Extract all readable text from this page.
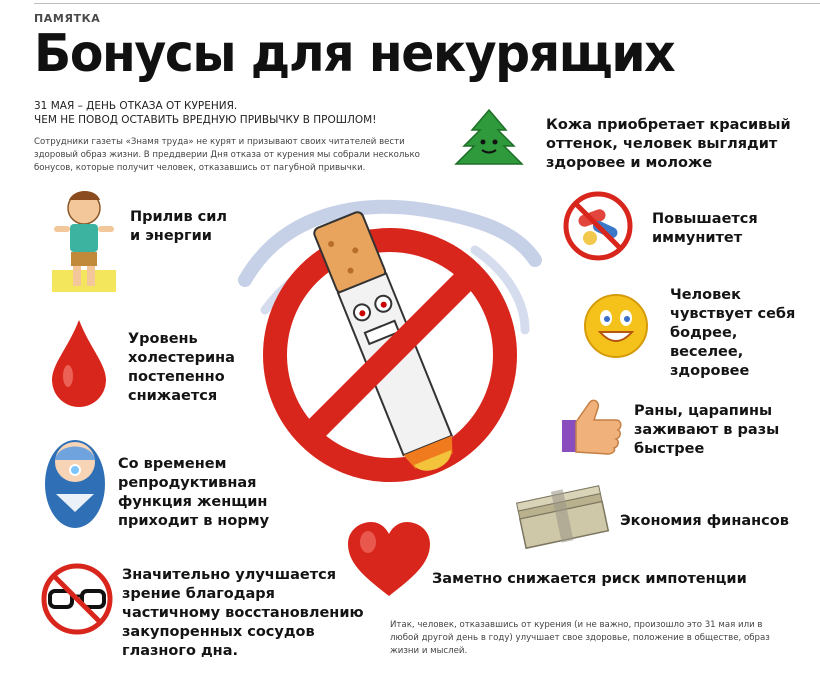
ПАМЯТКА
Бонусы для некурящих
31 МАЯ – ДЕНЬ ОТКАЗА ОТ КУРЕНИЯ.
ЧЕМ НЕ ПОВОД ОСТАВИТЬ ВРЕДНУЮ ПРИВЫЧКУ В ПРОШЛОМ!
Сотрудники газеты «Знамя труда» не курят и призывают своих читателей вести здоровый образ жизни. В преддверии Дня отказа от курения мы собрали несколько бонусов, которые получит человек, отказавшись от пагубной привычки.
Прилив сил и энергии
Уровень холестерина постепенно снижается
Со временем репродуктивная функция женщин приходит в норму
Значительно улучшается зрение благодаря частичному восстановлению закупоренных сосудов глазного дна.
Кожа приобретает красивый оттенок, человек выглядит здоровее и моложе
Повышается иммунитет
Человек чувствует себя бодрее, веселее, здоровее
Раны, царапины заживают в разы быстрее
Экономия финансов
Заметно снижается риск импотенции
Итак, человек, отказавшись от курения (и не важно, произошло это 31 мая или в любой другой день в году) улучшает свое здоровье, положение в обществе, образ жизни и мыслей.
